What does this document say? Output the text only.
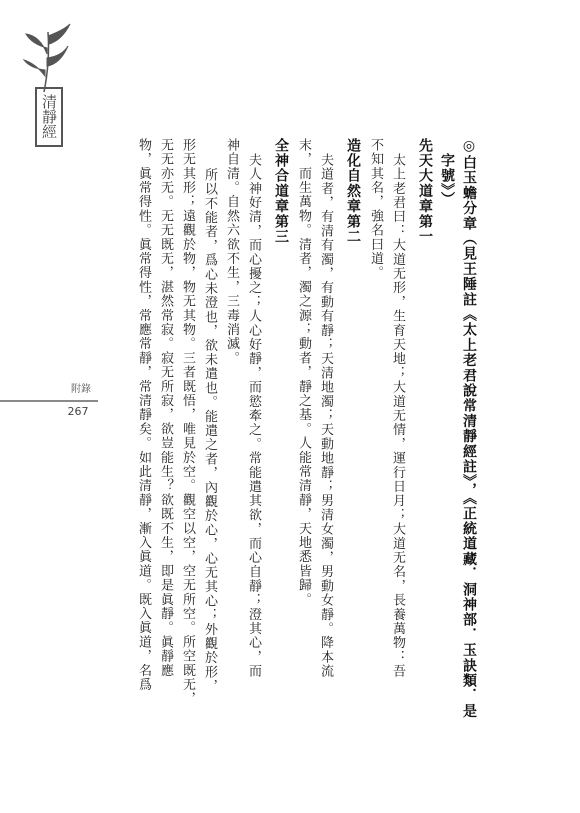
清靜經
附錄
267	◎白玉蟾分章（見王陲註《太上老君說常清靜經註》，《正統道藏．洞神部．玉訣類．是

字號》）

先天大道章第一

太上老君曰：大道无形，生育天地；大道无情，運行日月；大道无名，長養萬物：吾

不知其名，強名曰道。

造化自然章第二

夫道者，有清有濁，有動有靜；天清地濁；天動地靜；男清女濁，男動女靜。降本流

末，而生萬物。清者，濁之源；動者，靜之基。人能常清靜，天地悉皆歸。

全神合道章第三

夫人神好清，而心擾之；人心好靜，而慾牽之。常能遣其欲，而心自靜；澄其心，而

神自清。自然六欲不生，三毒消滅。

所以不能者，爲心未澄也，欲未遣也。能遣之者，內觀於心，心无其心；外觀於形，

形无其形；遠觀於物，物无其物。三者既悟，唯見於空。觀空以空，空无所空。所空既无，

无无亦无。无无既无，湛然常寂。寂无所寂，欲豈能生？欲既不生，即是眞靜。眞靜應

物，眞常得性。眞常得性，常應常靜，常清靜矣。如此清靜，漸入眞道。既入眞道，名爲
